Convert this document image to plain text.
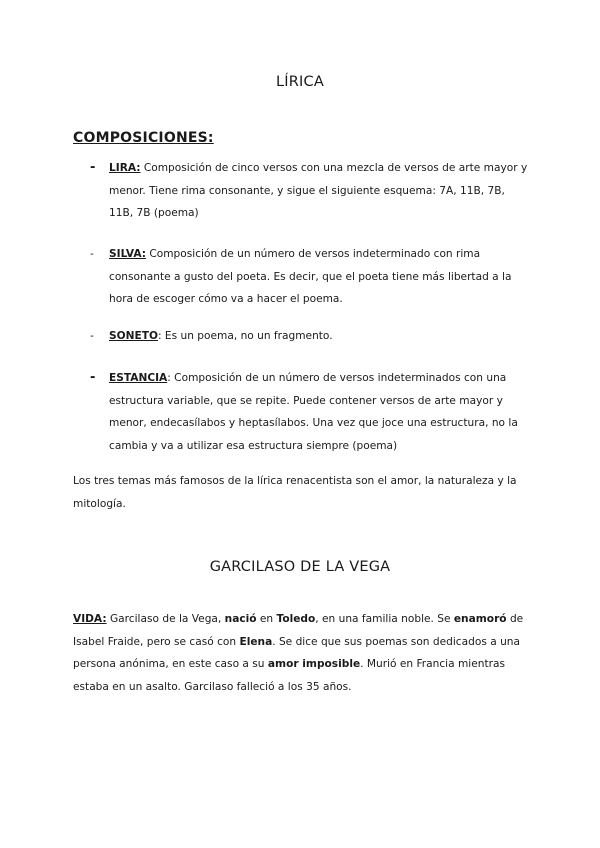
LÍRICA
COMPOSICIONES:
-	LIRA: Composición de cinco versos con una mezcla de versos de arte mayor y menor. Tiene rima consonante, y sigue el siguiente esquema: 7A, 11B, 7B, 11B, 7B (poema)
-	SILVA: Composición de un número de versos indeterminado con rima consonante a gusto del poeta. Es decir, que el poeta tiene más libertad a la hora de escoger cómo va a hacer el poema.
-	SONETO: Es un poema, no un fragmento.
-	ESTANCIA: Composición de un número de versos indeterminados con una estructura variable, que se repite. Puede contener versos de arte mayor y menor, endecasílabos y heptasílabos. Una vez que joce una estructura, no la cambia y va a utilizar esa estructura siempre (poema)
Los tres temas más famosos de la lírica renacentista son el amor, la naturaleza y la mitología.
GARCILASO DE LA VEGA
VIDA: Garcilaso de la Vega, nació en Toledo, en una familia noble. Se enamoró de Isabel Fraide, pero se casó con Elena. Se dice que sus poemas son dedicados a una persona anónima, en este caso a su amor imposible. Murió en Francia mientras estaba en un asalto. Garcilaso falleció a los 35 años.
